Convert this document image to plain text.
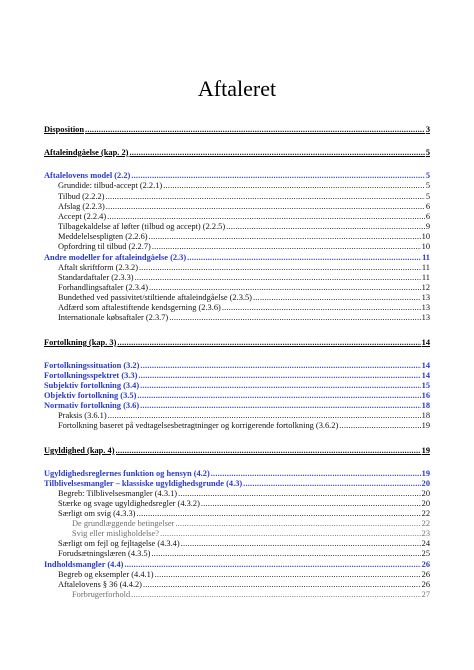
Aftaleret
Disposition .....	3
Aftaleindgåelse (kap. 2) .....	5
Aftalelovens model (2.2) .....	5
Grundide: tilbud-accept (2.2.1) .....	5
Tilbud (2.2.2) .....	5
Afslag (2.2.3) .....	6
Accept (2.2.4) .....	6
Tilbagekaldelse af løfter (tilbud og accept) (2.2.5) .....	9
Meddelelsespligten (2.2.6) .....	10
Opfordring til tilbud (2.2.7) .....	10
Andre modeller for aftaleindgåelse (2.3) .....	11
Aftalt skriftform (2.3.2) .....	11
Standardaftaler (2.3.3) .....	11
Forhandlingsaftaler (2.3.4) .....	12
Bundethed ved passivitet/stiltiende aftaleindgåelse (2.3.5) .....	13
Adfærd som aftalestiftende kendsgerning (2.3.6) .....	13
Internationale købsaftaler (2.3.7) .....	13
Fortolkning (kap. 3) .....	14
Fortolkningssituation (3.2) .....	14
Fortolkningsspektret (3.3) .....	14
Subjektiv fortolkning (3.4) .....	15
Objektiv fortolkning (3.5) .....	16
Normativ fortolkning (3.6) .....	18
Praksis (3.6.1) .....	18
Fortolkning baseret på vedtagelsesbetragtninger og korrigerende fortolkning (3.6.2) .....	19
Ugyldighed (kap. 4) .....	19
Ugyldighedsreglernes funktion og hensyn (4.2) .....	19
Tilblivelsesmangler – klassiske ugyldighedsgrunde (4.3) .....	20
Begreb: Tilblivelsesmangler (4.3.1) .....	20
Stærke og svage ugyldighedsregler (4.3.2) .....	20
Særligt om svig (4.3.3) .....	22
De grundlæggende betingelser .....	22
Svig eller misligholdelse? .....	23
Særligt om fejl og fejltagelse (4.3.4) .....	24
Forudsætningslæren (4.3.5) .....	25
Indholdsmangler (4.4) .....	26
Begreb og eksempler (4.4.1) .....	26
Aftalelovens § 36 (4.4.2) .....	26
Forbrugerforhold .....	27
